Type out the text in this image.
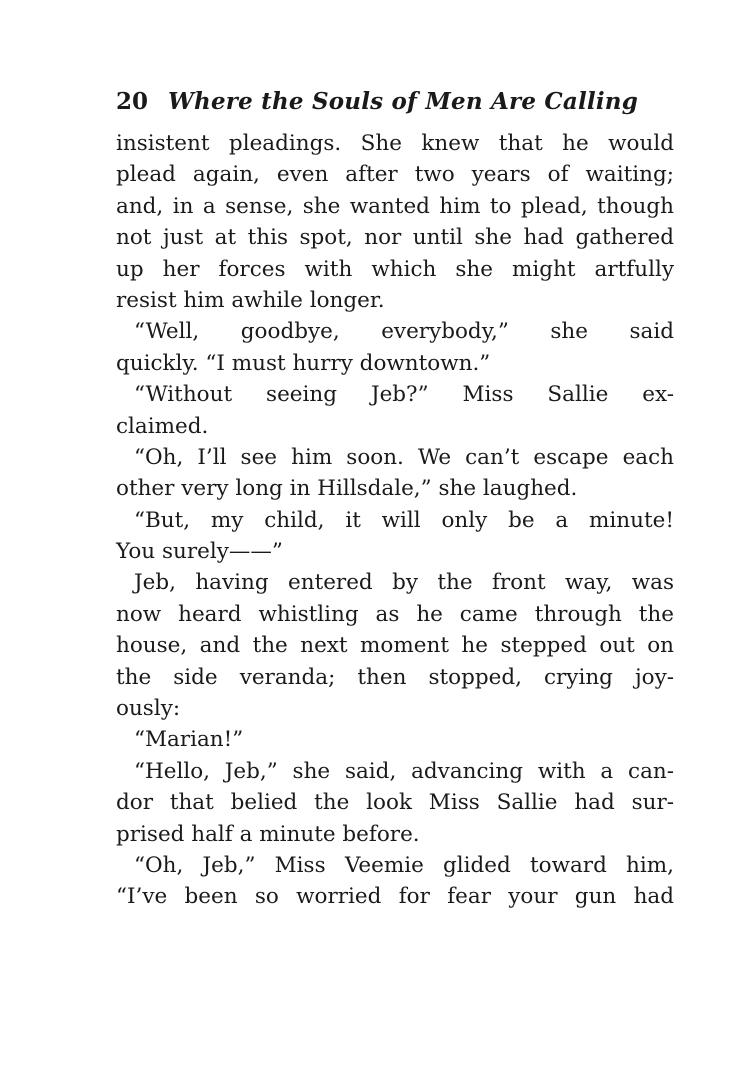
20 Where the Souls of Men Are Calling
insistent pleadings. She knew that he would
plead again, even after two years of waiting;
and, in a sense, she wanted him to plead, though
not just at this spot, nor until she had gathered
up her forces with which she might artfully
resist him awhile longer.
“Well, goodbye, everybody,” she said
quickly. “I must hurry downtown.”
“Without seeing Jeb?” Miss Sallie ex-
claimed.
“Oh, I’ll see him soon. We can’t escape each
other very long in Hillsdale,” she laughed.
“But, my child, it will only be a minute!
You surely——”
Jeb, having entered by the front way, was
now heard whistling as he came through the
house, and the next moment he stepped out on
the side veranda; then stopped, crying joy-
ously:
“Marian!”
“Hello, Jeb,” she said, advancing with a can-
dor that belied the look Miss Sallie had sur-
prised half a minute before.
“Oh, Jeb,” Miss Veemie glided toward him,
“I’ve been so worried for fear your gun had
